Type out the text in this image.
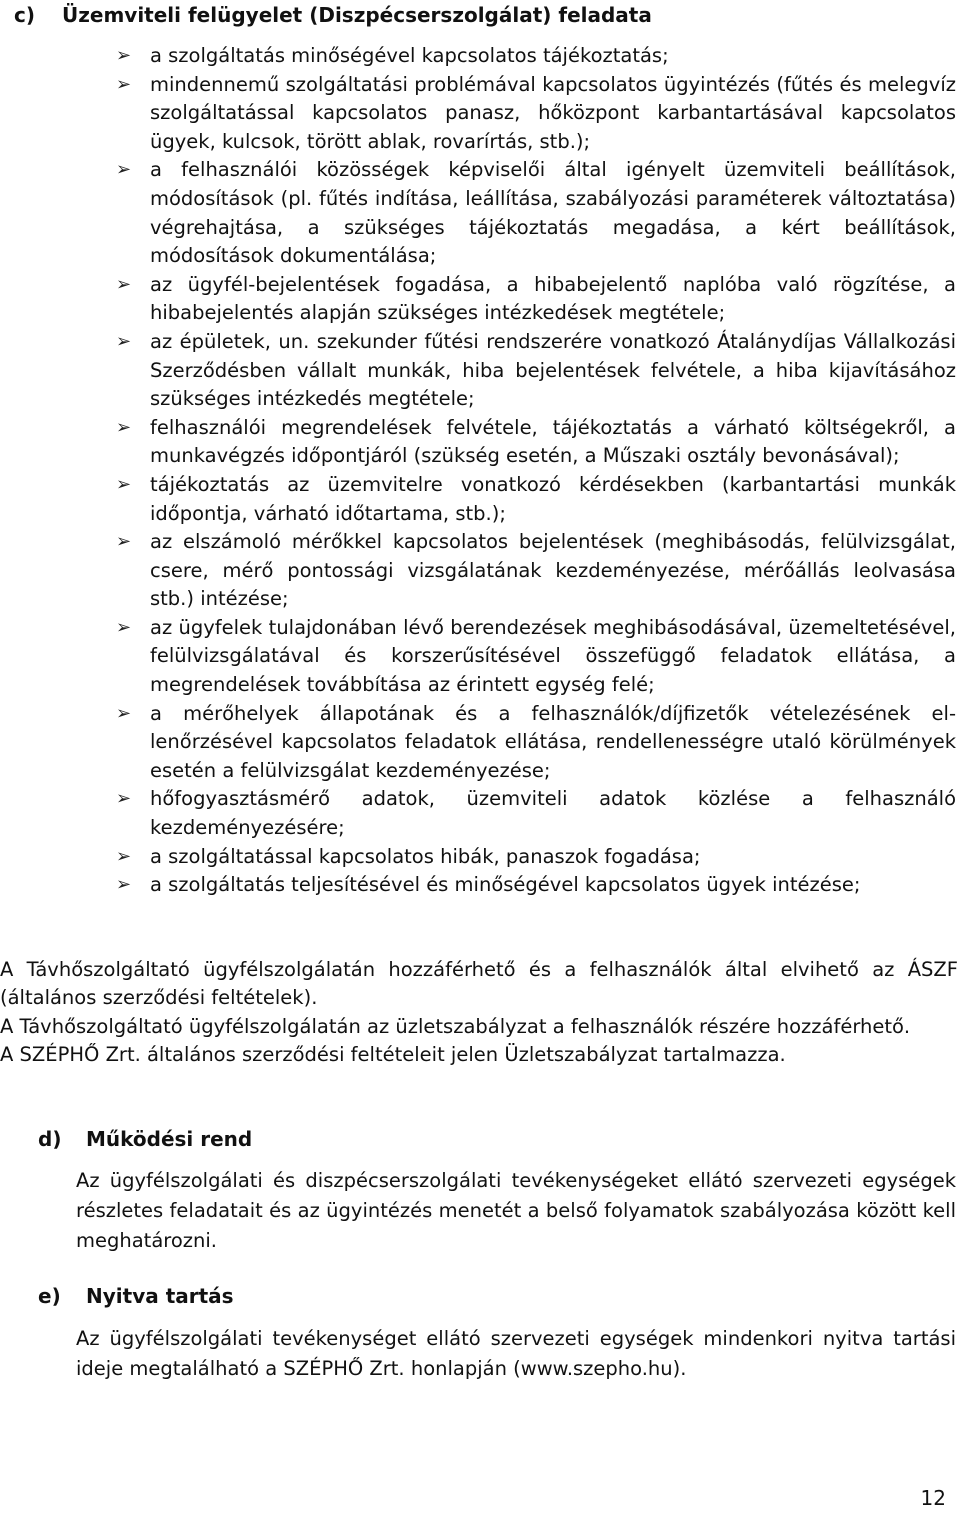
c)	Üzemviteli felügyelet (Diszpécserszolgálat) feladata
➢ a szolgáltatás minőségével kapcsolatos tájékoztatás;
➢ mindennemű szolgáltatási problémával kapcsolatos ügyintézés (fűtés és melegvíz szolgáltatással kapcsolatos panasz, hőközpont karbantartásával kapcsolatos ügyek, kulcsok, törött ablak, rovarírtás, stb.);
➢ a felhasználói közösségek képviselői által igényelt üzemviteli beállítások, módosítások (pl. fűtés indítása, leállítása, szabályozási paraméterek változtatása) végrehajtása, a szükséges tájékoztatás megadása, a kért beállítások, módosítások dokumentálása;
➢ az ügyfél-bejelentések fogadása, a hibabejelentő naplóba való rögzítése, a hibabejelentés alapján szükséges intézkedések megtétele;
➢ az épületek, un. szekunder fűtési rendszerére vonatkozó Átalánydíjas Vállalkozási Szerződésben vállalt munkák, hiba bejelentések felvétele, a hiba kijavításához szükséges intézkedés megtétele;
➢ felhasználói megrendelések felvétele, tájékoztatás a várható költségekről, a munkavégzés időpontjáról (szükség esetén, a Műszaki osztály bevonásával);
➢ tájékoztatás az üzemvitelre vonatkozó kérdésekben (karbantartási munkák időpontja, várható időtartama, stb.);
➢ az elszámoló mérőkkel kapcsolatos bejelentések (meghibásodás, felülvizsgálat, csere, mérő pontossági vizsgálatának kezdeményezése, mérőállás leolvasása stb.) intézése;
➢ az ügyfelek tulajdonában lévő berendezések meghibásodásával, üzemeltetésével, felülvizsgálatával és korszerűsítésével összefüggő feladatok ellátása, a megrendelések továbbítása az érintett egység felé;
➢ a mérőhelyek állapotának és a felhasználók/díjfizetők vételezésének ellenőrzésével kapcsolatos feladatok ellátása, rendellenességre utaló körülmények esetén a felülvizsgálat kezdeményezése;
➢ hőfogyasztásmérő adatok, üzemviteli adatok közlése a felhasználó kezdeményezésére;
➢ a szolgáltatással kapcsolatos hibák, panaszok fogadása;
➢ a szolgáltatás teljesítésével és minőségével kapcsolatos ügyek intézése;

A Távhőszolgáltató ügyfélszolgálatán hozzáférhető és a felhasználók által elvihető az ÁSZF (általános szerződési feltételek).

A Távhőszolgáltató ügyfélszolgálatán az üzletszabályzat a felhasználók részére hozzáférhető.

A SZÉPHŐ Zrt. általános szerződési feltételeit jelen Üzletszabályzat tartalmazza.

d)	Működési rend

Az ügyfélszolgálati és diszpécserszolgálati tevékenységeket ellátó szervezeti egységek részletes feladatait és az ügyintézés menetét a belső folyamatok szabályozása között kell meghatározni.

e)	Nyitva tartás

Az ügyfélszolgálati tevékenységet ellátó szervezeti egységek mindenkori nyitva tartási ideje megtalálható a SZÉPHŐ Zrt. honlapján (www.szepho.hu).

12
